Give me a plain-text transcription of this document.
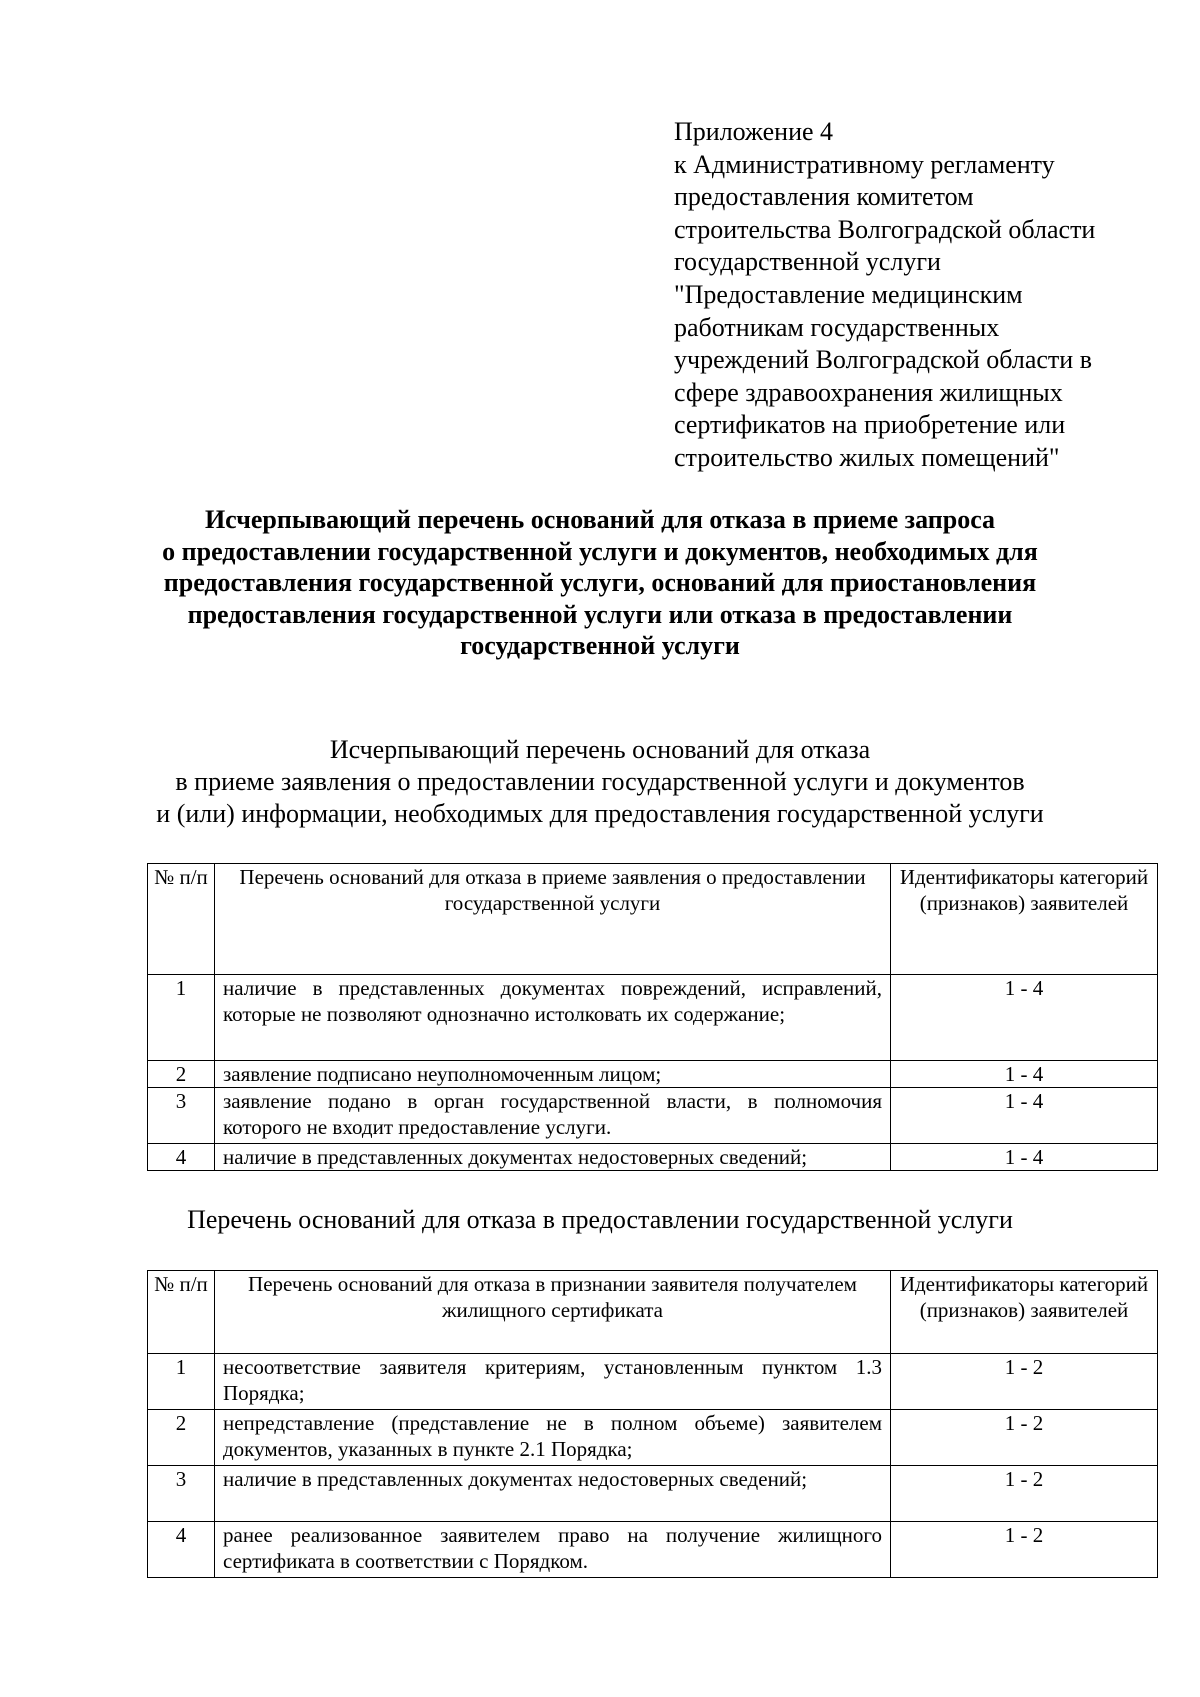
Приложение 4
к Административному регламенту
предоставления комитетом
строительства Волгоградской области
государственной услуги
"Предоставление медицинским
работникам государственных
учреждений Волгоградской области в
сфере здравоохранения жилищных
сертификатов на приобретение или
строительство жилых помещений"
Исчерпывающий перечень оснований для отказа в приеме запроса
о предоставлении государственной услуги и документов, необходимых для
предоставления государственной услуги, оснований для приостановления
предоставления государственной услуги или отказа в предоставлении
государственной услуги
Исчерпывающий перечень оснований для отказа
в приеме заявления о предоставлении государственной услуги и документов
и (или) информации, необходимых для предоставления государственной услуги
№ п/п	Перечень оснований для отказа в приеме заявления о предоставлении государственной услуги	Идентификаторы категорий (признаков) заявителей
1	наличие в представленных документах повреждений, исправлений, которые не позволяют однозначно истолковать их содержание;	1 - 4
2	заявление подписано неуполномоченным лицом;	1 - 4
3	заявление подано в орган государственной власти, в полномочия которого не входит предоставление услуги.	1 - 4
4	наличие в представленных документах недостоверных сведений;	1 - 4
Перечень оснований для отказа в предоставлении государственной услуги
№ п/п	Перечень оснований для отказа в признании заявителя получателем жилищного сертификата	Идентификаторы категорий (признаков) заявителей
1	несоответствие заявителя критериям, установленным пунктом 1.3 Порядка;	1 - 2
2	непредставление (представление не в полном объеме) заявителем документов, указанных в пункте 2.1 Порядка;	1 - 2
3	наличие в представленных документах недостоверных сведений;	1 - 2
4	ранее реализованное заявителем право на получение жилищного сертификата в соответствии с Порядком.	1 - 2
